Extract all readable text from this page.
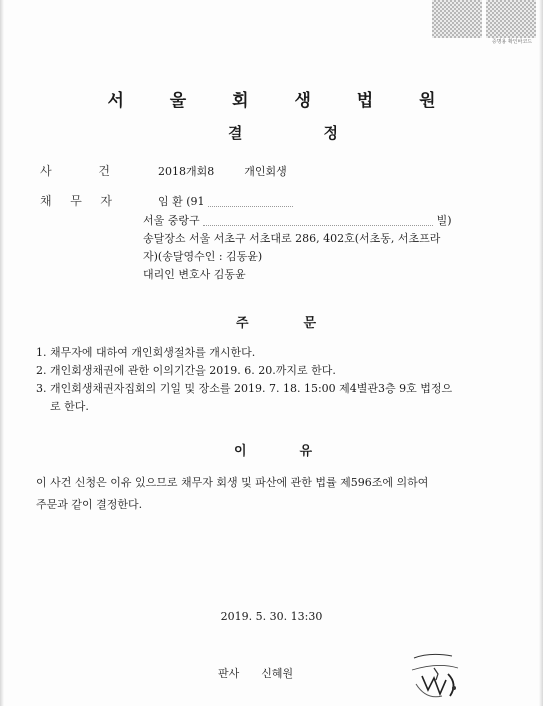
증명용 확인바코드
서 울 회 생 법 원
결	정
사	건	2018개회8	개인회생
채 무 자	임 환 (91
서울 중랑구	빌)
송달장소 서울 서초구 서초대로 286, 402호(서초동, 서초프라
자)(송달영수인 : 김동윤)
대리인 변호사 김동윤
주	문
1. 채무자에 대하여 개인회생절차를 개시한다.
2. 개인회생채권에 관한 이의기간을 2019. 6. 20.까지로 한다.
3. 개인회생채권자집회의 기일 및 장소를 2019. 7. 18. 15:00 제4별관3층 9호 법정으
로 한다.
이	유
이 사건 신청은 이유 있으므로 채무자 회생 및 파산에 관한 법률 제596조에 의하여
주문과 같이 결정한다.
2019. 5. 30. 13:30
판사 신혜원
